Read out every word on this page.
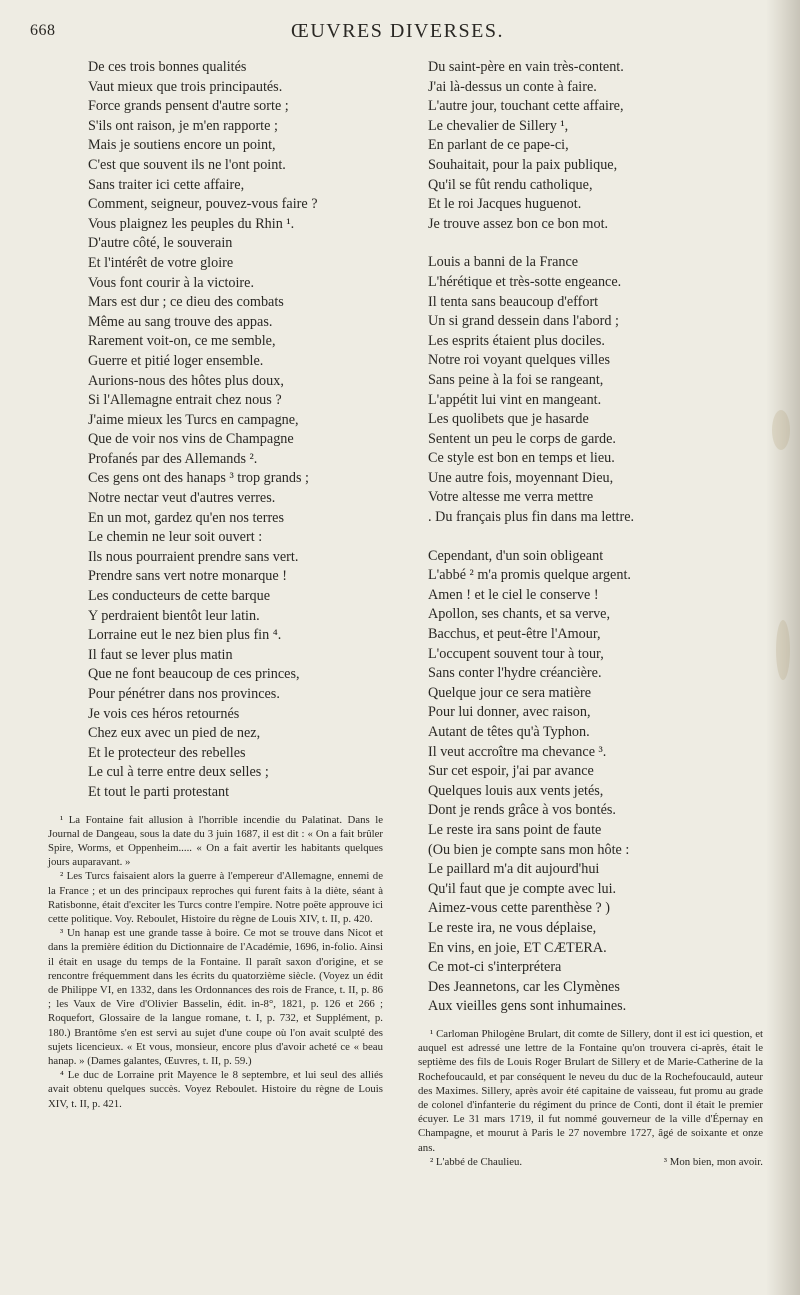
668	ŒUVRES DIVERSES.
De ces trois bonnes qualités
Vaut mieux que trois principautés.
Force grands pensent d'autre sorte ;
S'ils ont raison, je m'en rapporte ;
Mais je soutiens encore un point,
C'est que souvent ils ne l'ont point.
Sans traiter ici cette affaire,
Comment, seigneur, pouvez-vous faire ?
Vous plaignez les peuples du Rhin ¹.
D'autre côté, le souverain
Et l'intérêt de votre gloire
Vous font courir à la victoire.
Mars est dur ; ce dieu des combats
Même au sang trouve des appas.
Rarement voit-on, ce me semble,
Guerre et pitié loger ensemble.
Aurions-nous des hôtes plus doux,
Si l'Allemagne entrait chez nous ?
J'aime mieux les Turcs en campagne,
Que de voir nos vins de Champagne
Profanés par des Allemands ².
Ces gens ont des hanaps ³ trop grands ;
Notre nectar veut d'autres verres.
En un mot, gardez qu'en nos terres
Le chemin ne leur soit ouvert :
Ils nous pourraient prendre sans vert.
Prendre sans vert notre monarque !
Les conducteurs de cette barque
Y perdraient bientôt leur latin.
Lorraine eut le nez bien plus fin ⁴.
Il faut se lever plus matin
Que ne font beaucoup de ces princes,
Pour pénétrer dans nos provinces.
Je vois ces héros retournés
Chez eux avec un pied de nez,
Et le protecteur des rebelles
Le cul à terre entre deux selles ;
Et tout le parti protestant
¹ La Fontaine fait allusion à l'horrible incendie du Palatinat. Dans le Journal de Dangeau, sous la date du 3 juin 1687, il est dit : « On a fait brûler Spire, Worms, et Oppenheim..... « On a fait avertir les habitants quelques jours auparavant. »
² Les Turcs faisaient alors la guerre à l'empereur d'Allemagne, ennemi de la France ; et un des principaux reproches qui furent faits à la diète, séant à Ratisbonne, était d'exciter les Turcs contre l'empire. Notre poëte approuve ici cette politique. Voy. Reboulet, Histoire du règne de Louis XIV, t. II, p. 420.
³ Un hanap est une grande tasse à boire. Ce mot se trouve dans Nicot et dans la première édition du Dictionnaire de l'Académie, 1696, in-folio. Ainsi il était en usage du temps de la Fontaine. Il paraît saxon d'origine, et se rencontre fréquemment dans les écrits du quatorzième siècle. (Voyez un édit de Philippe VI, en 1332, dans les Ordonnances des rois de France, t. II, p. 86 ; les Vaux de Vire d'Olivier Basselin, édit. in-8°, 1821, p. 126 et 266 ; Roquefort, Glossaire de la langue romane, t. I, p. 732, et Supplément, p. 180.) Brantôme s'en est servi au sujet d'une coupe où l'on avait sculpté des sujets licencieux. « Et vous, monsieur, encore plus d'avoir acheté ce « beau hanap. » (Dames galantes, Œuvres, t. II, p. 59.)
⁴ Le duc de Lorraine prit Mayence le 8 septembre, et lui seul des alliés avait obtenu quelques succès. Voyez Reboulet. Histoire du règne de Louis XIV, t. II, p. 421.
Du saint-père en vain très-content.
J'ai là-dessus un conte à faire.
L'autre jour, touchant cette affaire,
Le chevalier de Sillery ¹,
En parlant de ce pape-ci,
Souhaitait, pour la paix publique,
Qu'il se fût rendu catholique,
Et le roi Jacques huguenot.
Je trouve assez bon ce bon mot.
Louis a banni de la France
L'hérétique et très-sotte engeance.
Il tenta sans beaucoup d'effort
Un si grand dessein dans l'abord ;
Les esprits étaient plus dociles.
Notre roi voyant quelques villes
Sans peine à la foi se rangeant,
L'appétit lui vint en mangeant.
Les quolibets que je hasarde
Sentent un peu le corps de garde.
Ce style est bon en temps et lieu.
Une autre fois, moyennant Dieu,
Votre altesse me verra mettre
. Du français plus fin dans ma lettre.
Cependant, d'un soin obligeant
L'abbé ² m'a promis quelque argent.
Amen ! et le ciel le conserve !
Apollon, ses chants, et sa verve,
Bacchus, et peut-être l'Amour,
L'occupent souvent tour à tour,
Sans conter l'hydre créancière.
Quelque jour ce sera matière
Pour lui donner, avec raison,
Autant de têtes qu'à Typhon.
Il veut accroître ma chevance ³.
Sur cet espoir, j'ai par avance
Quelques louis aux vents jetés,
Dont je rends grâce à vos bontés.
Le reste ira sans point de faute
(Ou bien je compte sans mon hôte :
Le paillard m'a dit aujourd'hui
Qu'il faut que je compte avec lui.
Aimez-vous cette parenthèse ? )
Le reste ira, ne vous déplaise,
En vins, en joie, ET CÆTERA.
Ce mot-ci s'interprétera
Des Jeannetons, car les Clymènes
Aux vieilles gens sont inhumaines.
¹ Carloman Philogène Brulart, dit comte de Sillery, dont il est ici question, et auquel est adressé une lettre de la Fontaine qu'on trouvera ci-après, était le septième des fils de Louis Roger Brulart de Sillery et de Marie-Catherine de la Rochefoucauld, et par conséquent le neveu du duc de la Rochefoucauld, auteur des Maximes. Sillery, après avoir été capitaine de vaisseau, fut promu au grade de colonel d'infanterie du régiment du prince de Conti, dont il était le premier écuyer. Le 31 mars 1719, il fut nommé gouverneur de la ville d'Épernay en Champagne, et mourut à Paris le 27 novembre 1727, âgé de soixante et onze ans.
² L'abbé de Chaulieu.	³ Mon bien, mon avoir.
